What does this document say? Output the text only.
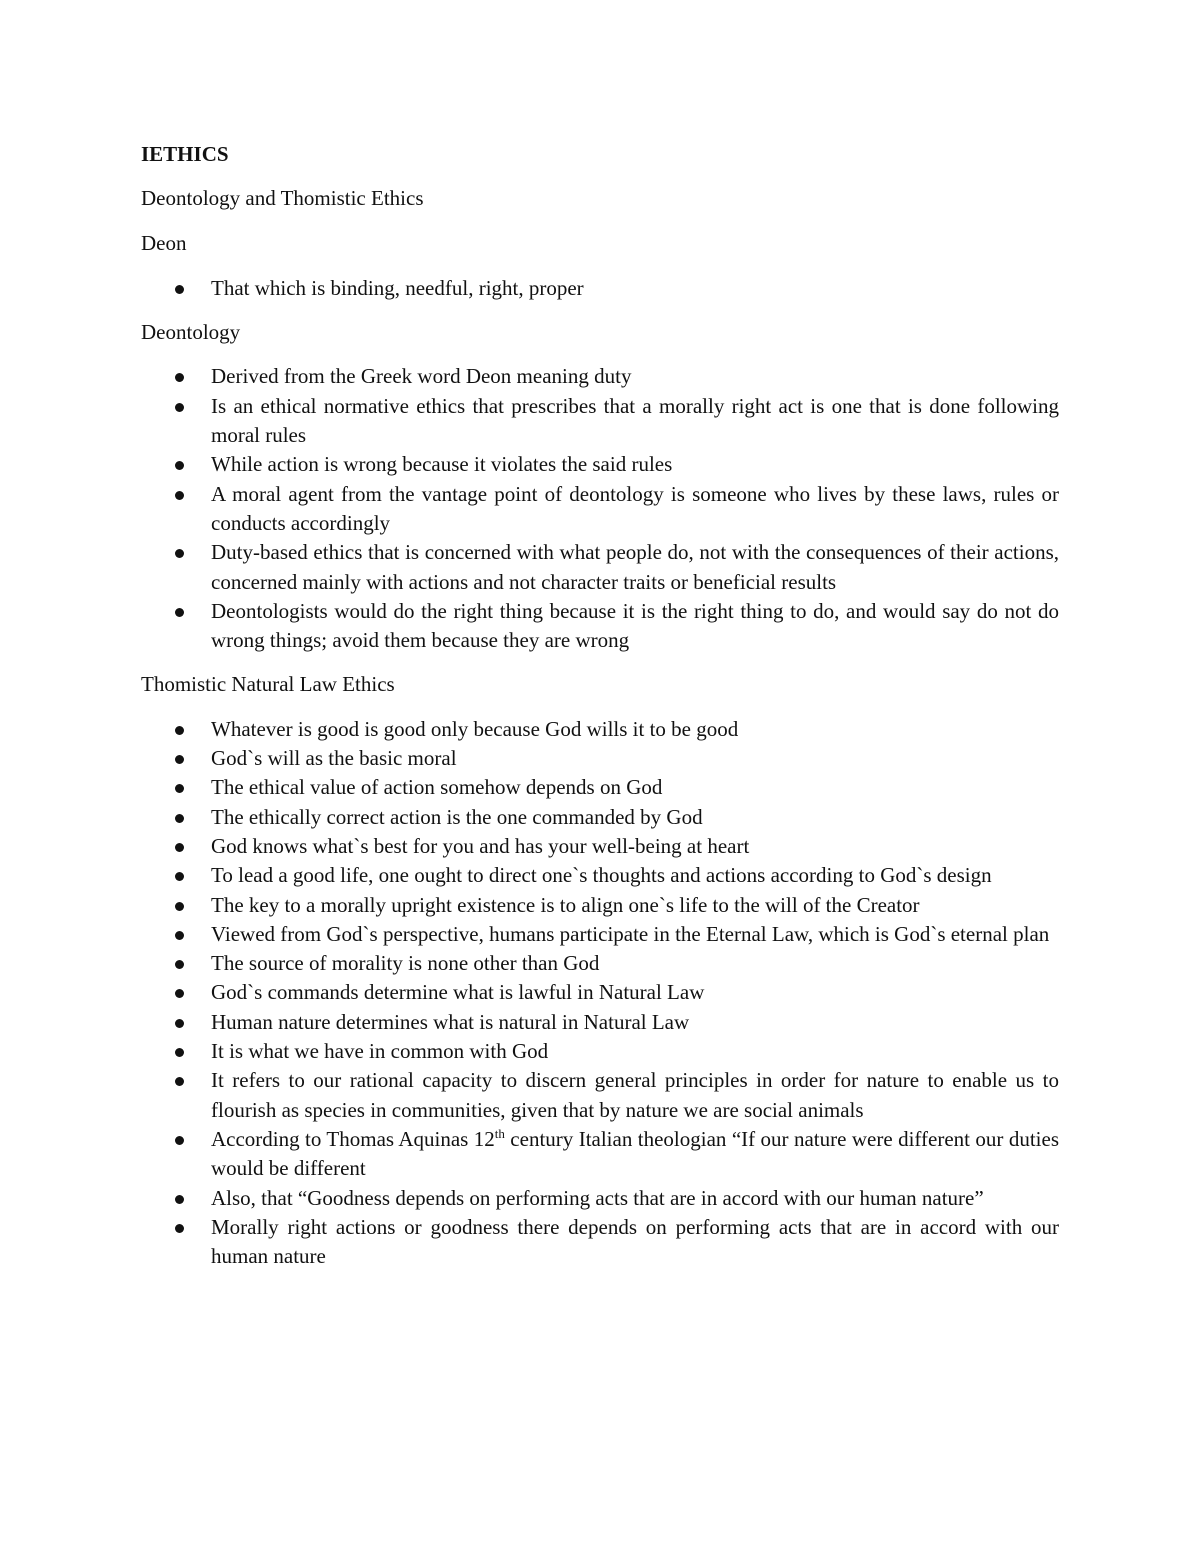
IETHICS
Deontology and Thomistic Ethics
Deon
That which is binding, needful, right, proper
Deontology
Derived from the Greek word Deon meaning duty
Is an ethical normative ethics that prescribes that a morally right act is one that is done following moral rules
While action is wrong because it violates the said rules
A moral agent from the vantage point of deontology is someone who lives by these laws, rules or conducts accordingly
Duty-based ethics that is concerned with what people do, not with the consequences of their actions, concerned mainly with actions and not character traits or beneficial results
Deontologists would do the right thing because it is the right thing to do, and would say do not do wrong things; avoid them because they are wrong
Thomistic Natural Law Ethics
Whatever is good is good only because God wills it to be good
God`s will as the basic moral
The ethical value of action somehow depends on God
The ethically correct action is the one commanded by God
God knows what`s best for you and has your well-being at heart
To lead a good life, one ought to direct one`s thoughts and actions according to God`s design
The key to a morally upright existence is to align one`s life to the will of the Creator
Viewed from God`s perspective, humans participate in the Eternal Law, which is God`s eternal plan
The source of morality is none other than God
God`s commands determine what is lawful in Natural Law
Human nature determines what is natural in Natural Law
It is what we have in common with God
It refers to our rational capacity to discern general principles in order for nature to enable us to flourish as species in communities, given that by nature we are social animals
According to Thomas Aquinas 12th century Italian theologian “If our nature were different our duties would be different
Also, that “Goodness depends on performing acts that are in accord with our human nature”
Morally right actions or goodness there depends on performing acts that are in accord with our human nature
